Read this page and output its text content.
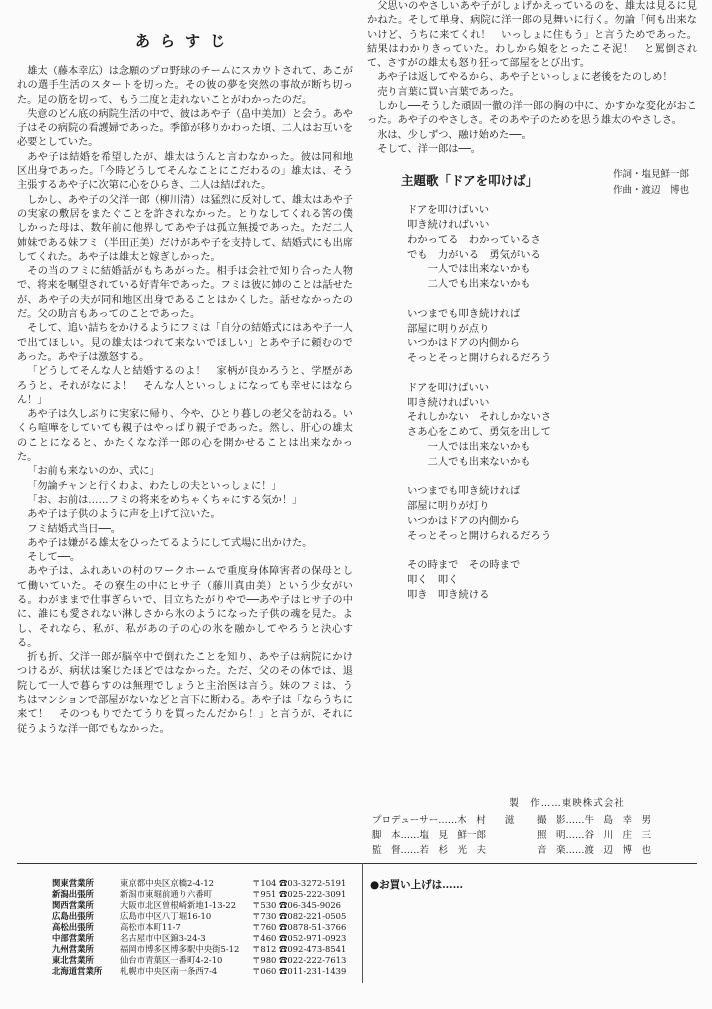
あらすじ

雄太（藤本幸広）は念願のプロ野球のチームにスカウトされて、あこがれの選手生活のスタートを切った。その彼の夢を突然の事故が断ち切った。足の筋を切って、もう二度と走れないことがわかったのだ。

失意のどん底の病院生活の中で、彼はあや子（畠中美加）と会う。あや子はその病院の看護婦であった。季節が移りかわった頃、二人はお互いを必要としていた。

あや子は結婚を希望したが、雄太はうんと言わなかった。彼は同和地区出身であった。「今時どうしてそんなことにこだわるの」雄太は、そう主張するあや子に次第に心をひらき、二人は結ばれた。

しかし、あや子の父洋一郎（柳川清）は猛烈に反対して、雄太はあや子の実家の敷居をまたぐことを許されなかった。とりなしてくれる筈の僕しかった母は、数年前に他界してあや子は孤立無援であった。ただ二人姉妹である妹フミ（半田正美）だけがあや子を支持して、結婚式にも出席してくれた。あや子は雄太と嫁ぎしかった。

その当のフミに結婚話がもちあがった。相手は会社で知り合った人物で、将来を嘱望されている好青年であった。フミは彼に姉のことは話せたが、あや子の夫が同和地区出身であることはかくした。話せなかったのだ。父の助言もあってのことであった。

そして、追い詰ちをかけるようにフミは「自分の結婚式にはあや子一人で出てほしい。見の雄太はつれて来ないでほしい」とあや子に頼むのであった。あや子は激怒する。

「どうしてそんな人と結婚するのよ！　家柄が良かろうと、学歴があろうと、それがなによ！　そんな人といっしょになっても幸せにはならん！」

あや子は久しぶりに実家に帰り、今や、ひとり暮しの老父を訪ねる。いくら喧嘩をしていても親子はやっぱり親子であった。然し、肝心の雄太のことになると、かたくなな洋一郎の心を開かせることは出来なかった。

「お前も来ないのか、式に」

「勿論チャンと行くわよ、わたしの夫といっしょに！」

「お、お前は……フミの将来をめちゃくちゃにする気か！」

あや子は子供のように声を上げて泣いた。

フミ結婚式当日──。

あや子は嫌がる雄太をひったてるようにして式場に出かけた。

そして──。

あや子は、ふれあいの村のワークホームで重度身体障害者の保母として働いていた。その寮生の中にヒサ子（藤川真由美）という少女がいる。わがままで仕事ぎらいで、目立ちたがりやで──あや子はヒサ子の中に、誰にも愛されない淋しさから氷のようになった子供の魂を見た。よし、それなら、私が、私があの子の心の氷を融かしてやろうと決心する。

折も折、父洋一郎が脳卒中で倒れたことを知り、あや子は病院にかけつけるが、病状は案じたほどではなかった。ただ、父のその体では、退院して一人で暮らすのは無理でしょうと主治医は言う。妹のフミは、うちはマンションで部屋がないなどと言下に断わる。あや子は「ならうちに来て！　そのつもりでたてうりを買ったんだから！」と言うが、それに従うような洋一郎でもなかった。

父思いのやさしいあや子がしょげかえっているのを、雄太は見るに見かねた。そして単身、病院に洋一郎の見舞いに行く。勿論「何も出来ないけど、うちに来てくれ！　いっしょに住もう」と言うためであった。結果はわかりきっていた。わしから娘をとったこそ泥！　と罵倒されて、さすがの雄太も怒り狂って部屋をとび出す。

あや子は返してやるから、あや子といっしょに老後をたのしめ！

売り言葉に買い言葉であった。

しかし──そうした頑固一徹の洋一郎の胸の中に、かすかな変化がおこった。あや子のやさしさ。そのあや子のためを思う雄太のやさしさ。

氷は、少しずつ、融け始めた──。

そして、洋一郎は──。

主題歌「ドアを叩けば」	作詞・塩見鮮一郎
作曲・渡辺　博也
ドアを叩けばいい
叩き続ければいい
わかってる　わかっているさ
でも　力がいる　勇気がいる
　　一人では出来ないかも
　　二人でも出来ないかも
いつまでも叩き続ければ
部屋に明りが点り
いつかはドアの内側から
そっとそっと開けられるだろう
ドアを叩けばいい
叩き続ければいい
それしかない　それしかないさ
さあ心をこめて、勇気を出して
　　一人では出来ないかも
　　二人でも出来ないかも
いつまでも叩き続ければ
部屋に明りが灯り
いつかはドアの内側から
そっとそっと開けられるだろう
その時まで　その時まで
叩く　叩く
叩き　叩き続ける
製　作……東映株式会社
プロデューサー……木　村　　滋	撮　影……牛　島　幸　男
脚　本……塩　見　鮮一郎	照　明……谷　川　庄　三
監　督……若　杉　光　夫	音　楽……渡　辺　博　也
関東営業所	東京都中央区京橋2-4-12	〒104 ☎03-3272-5191
新潟出張所	新潟市東堀前通り六番町	〒951 ☎025-222-3091
関西営業所	大阪市北区曽根崎新地1-13-22	〒530 ☎06-345-9026
広島出張所	広島市中区八丁堀16-10	〒730 ☎082-221-0505
高松出張所	高松市本町11-7	〒760 ☎0878-51-3766
中部営業所	名古屋市中区錦3-24-3	〒460 ☎052-971-0923
九州営業所	福岡市博多区博多駅中央街5-12	〒812 ☎092-473-8541
東北営業所	仙台市青葉区一番町4-2-10	〒980 ☎022-222-7613
北海道営業所	札幌市中央区南一条西7-4	〒060 ☎011-231-1439
●お買い上げは……
